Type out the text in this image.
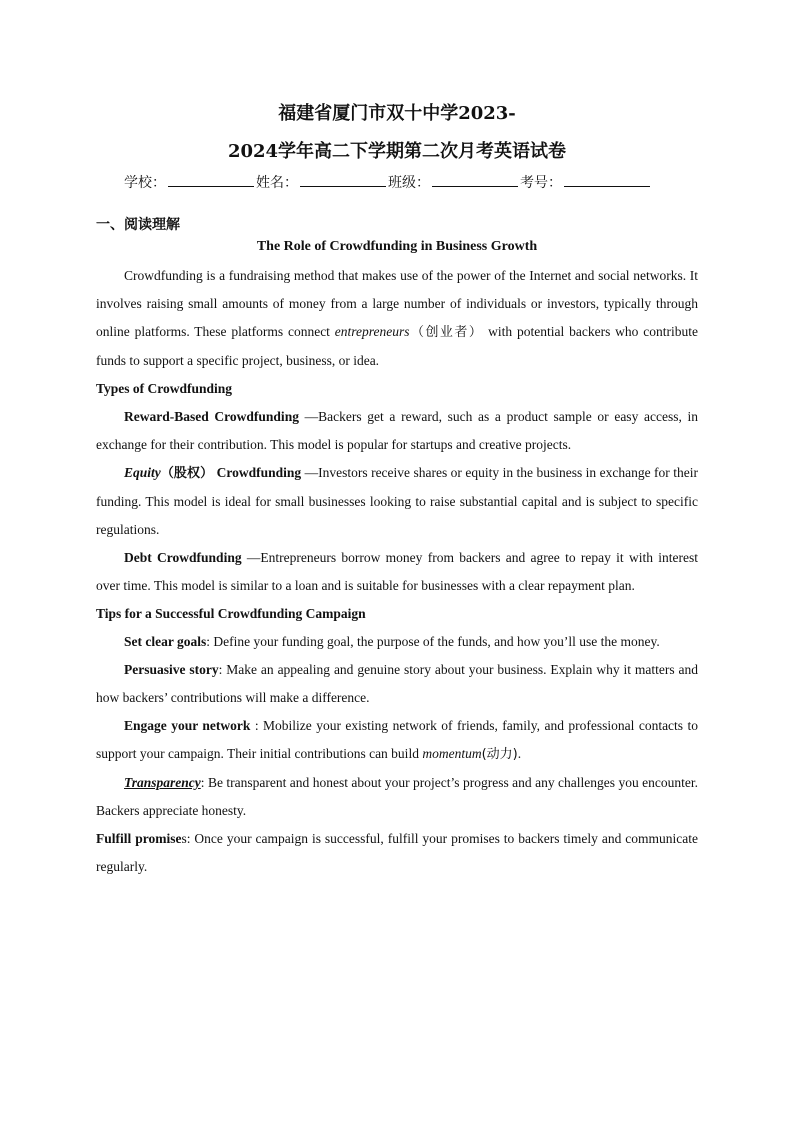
福建省厦门市双十中学2023-
2024学年高二下学期第二次月考英语试卷
学校：	姓名：	班级：	考号：
一、阅读理解
The Role of Crowdfunding in Business Growth

Crowdfunding is a fundraising method that makes use of the power of the Internet and social networks. It involves raising small amounts of money from a large number of individuals or investors, typically through online platforms. These platforms connect entrepreneurs（创业者） with potential backers who contribute funds to support a specific project, business, or idea.

Types of Crowdfunding

Reward-Based Crowdfunding —Backers get a reward, such as a product sample or easy access, in exchange for their contribution. This model is popular for startups and creative projects.

Equity（股权） Crowdfunding —Investors receive shares or equity in the business in exchange for their funding. This model is ideal for small businesses looking to raise substantial capital and is subject to specific regulations.

Debt Crowdfunding —Entrepreneurs borrow money from backers and agree to repay it with interest over time. This model is similar to a loan and is suitable for businesses with a clear repayment plan.

Tips for a Successful Crowdfunding Campaign

Set clear goals: Define your funding goal, the purpose of the funds, and how you’ll use the money.

Persuasive story: Make an appealing and genuine story about your business. Explain why it matters and how backers’ contributions will make a difference.

Engage your network : Mobilize your existing network of friends, family, and professional contacts to support your campaign. Their initial contributions can build momentum(动力).

Transparency: Be transparent and honest about your project’s progress and any challenges you encounter. Backers appreciate honesty.

Fulfill promises: Once your campaign is successful, fulfill your promises to backers timely and communicate regularly.
